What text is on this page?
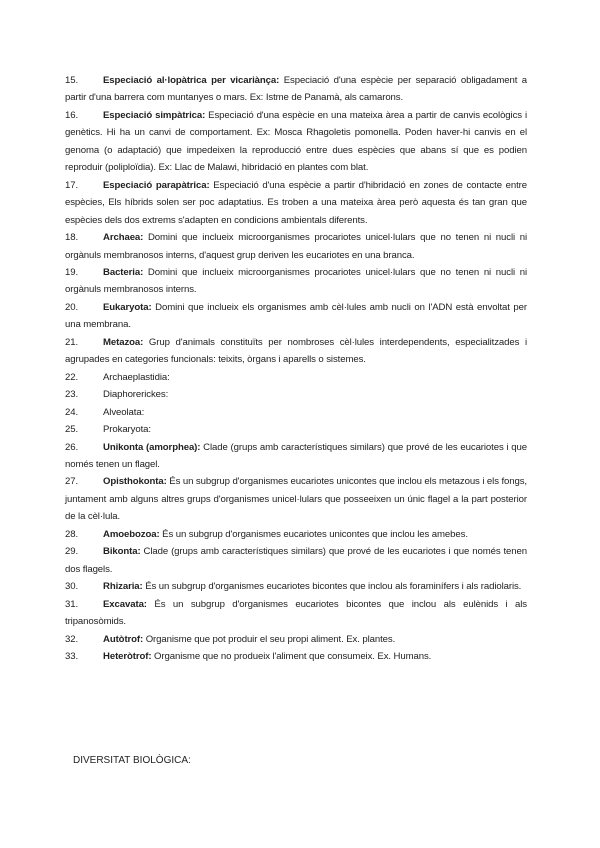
15.	Especiació al·lopàtrica per vicariànça: Especiació d'una espècie per separació obligadament a partir d'una barrera com muntanyes o mars. Ex: Istme de Panamà, als camarons.

16.	Especiació simpàtrica: Especiació d'una espècie en una mateixa àrea a partir de canvis ecològics i genètics. Hi ha un canvi de comportament. Ex: Mosca Rhagoletis pomonella. Poden haver-hi canvis en el genoma (o adaptació) que impedeixen la reproducció entre dues espècies que abans sí que es podien reproduir (poliploïdia). Ex: Llac de Malawi, hibridació en plantes com blat.

17.	Especiació parapàtrica: Especiació d'una espècie a partir d'hibridació en zones de contacte entre espècies, Els híbrids solen ser poc adaptatius. Es troben a una mateixa àrea però aquesta és tan gran que espècies dels dos extrems s'adapten en condicions ambientals diferents.

18.	Archaea: Domini que inclueix microorganismes procariotes unicel·lulars que no tenen ni nucli ni orgànuls membranosos interns, d'aquest grup deriven les eucariotes en una branca.

19.	Bacteria: Domini que inclueix microorganismes procariotes unicel·lulars que no tenen ni nucli ni orgànuls membranosos interns.

20.	Eukaryota: Domini que inclueix els organismes amb cèl·lules amb nucli on l'ADN està envoltat per una membrana.

21.	Metazoa: Grup d'animals constituïts per nombroses cèl·lules interdependents, especialitzades i agrupades en categories funcionals: teixits, òrgans i aparells o sistemes.

22.	Archaeplastidia:

23.	Diaphorerickes:

24.	Alveolata:

25.	Prokaryota:

26.	Unikonta (amorphea): Clade (grups amb característiques similars) que prové de les eucariotes i que només tenen un flagel.

27.	Opisthokonta: És un subgrup d'organismes eucariotes unicontes que inclou els metazous i els fongs, juntament amb alguns altres grups d'organismes unicel·lulars que posseeixen un únic flagel a la part posterior de la cèl·lula.

28.	Amoebozoa: És un subgrup d'organismes eucariotes unicontes que inclou les amebes.

29.	Bikonta: Clade (grups amb característiques similars) que prové de les eucariotes i que només tenen dos flagels.

30.	Rhizaria: És un subgrup d'organismes eucariotes bicontes que inclou als foraminífers i als radiolaris.

31.	Excavata: És un subgrup d'organismes eucariotes bicontes que inclou als eulènids i als tripanosòmids.

32.	Autòtrof: Organisme que pot produir el seu propi aliment. Ex. plantes.

33.	Heteròtrof: Organisme que no produeix l'aliment que consumeix. Ex. Humans.

DIVERSITAT BIOLÒGICA:
